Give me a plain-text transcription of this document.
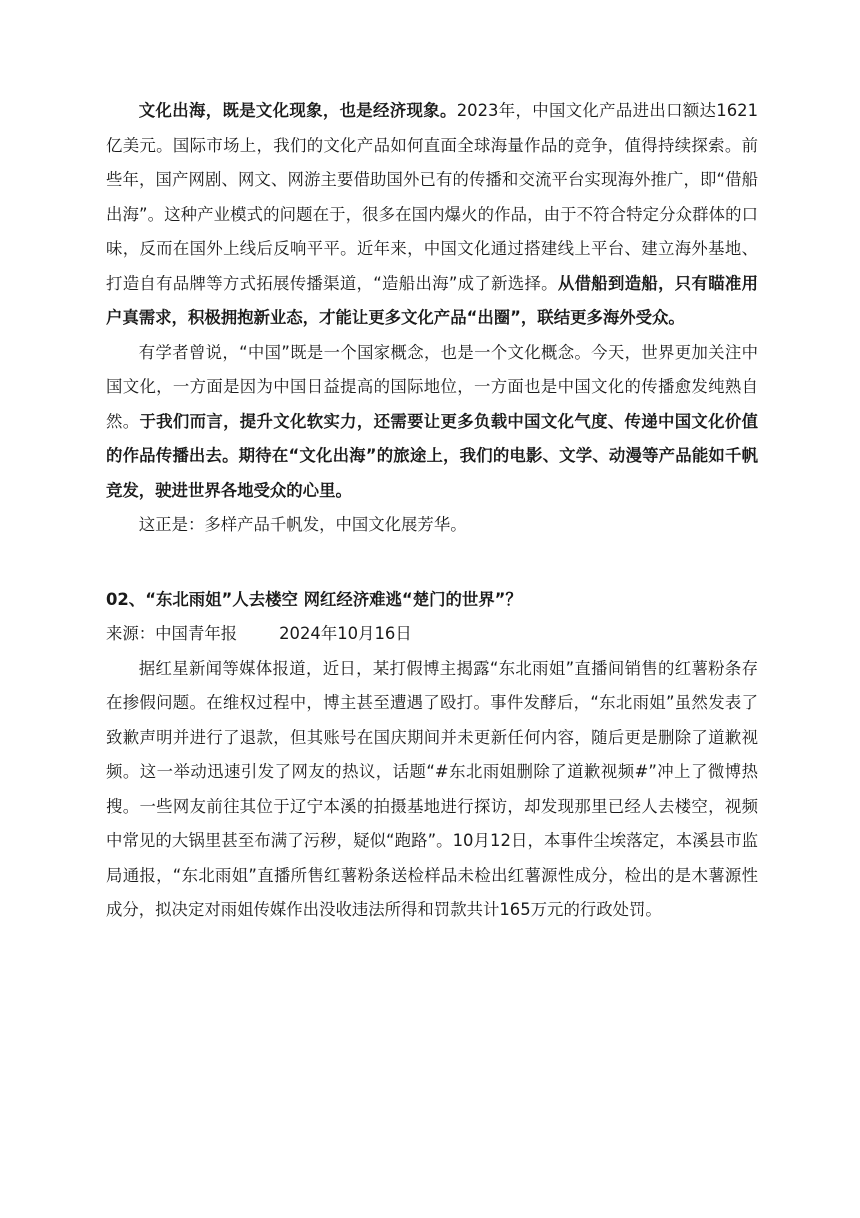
文化出海，既是文化现象，也是经济现象。2023年，中国文化产品进出口额达1621亿美元。国际市场上，我们的文化产品如何直面全球海量作品的竞争，值得持续探索。前些年，国产网剧、网文、网游主要借助国外已有的传播和交流平台实现海外推广，即“借船出海”。这种产业模式的问题在于，很多在国内爆火的作品，由于不符合特定分众群体的口味，反而在国外上线后反响平平。近年来，中国文化通过搭建线上平台、建立海外基地、打造自有品牌等方式拓展传播渠道，“造船出海”成了新选择。从借船到造船，只有瞄准用户真需求，积极拥抱新业态，才能让更多文化产品“出圈”，联结更多海外受众。

有学者曾说，“中国”既是一个国家概念，也是一个文化概念。今天，世界更加关注中国文化，一方面是因为中国日益提高的国际地位，一方面也是中国文化的传播愈发纯熟自然。于我们而言，提升文化软实力，还需要让更多负载中国文化气度、传递中国文化价值的作品传播出去。期待在“文化出海”的旅途上，我们的电影、文学、动漫等产品能如千帆竞发，驶进世界各地受众的心里。

这正是：多样产品千帆发，中国文化展芳华。

02、“东北雨姐”人去楼空 网红经济难逃“楚门的世界”？

来源：中国青年报	2024年10月16日

据红星新闻等媒体报道，近日，某打假博主揭露“东北雨姐”直播间销售的红薯粉条存在掺假问题。在维权过程中，博主甚至遭遇了殴打。事件发酵后，“东北雨姐”虽然发表了致歉声明并进行了退款，但其账号在国庆期间并未更新任何内容，随后更是删除了道歉视频。这一举动迅速引发了网友的热议，话题“#东北雨姐删除了道歉视频#”冲上了微博热搜。一些网友前往其位于辽宁本溪的拍摄基地进行探访，却发现那里已经人去楼空，视频中常见的大锅里甚至布满了污秽，疑似“跑路”。10月12日，本事件尘埃落定，本溪县市监局通报，“东北雨姐”直播所售红薯粉条送检样品未检出红薯源性成分，检出的是木薯源性成分，拟决定对雨姐传媒作出没收违法所得和罚款共计165万元的行政处罚。
